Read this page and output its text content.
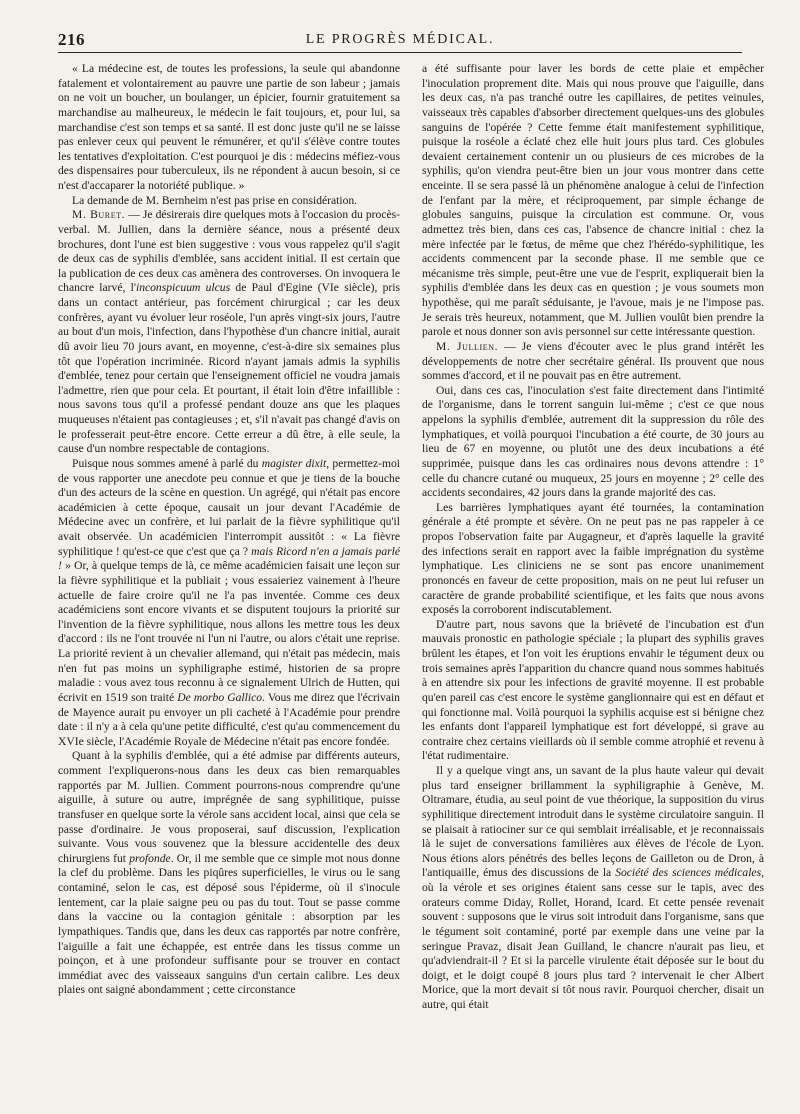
216	LE PROGRÈS MÉDICAL.

« La médecine est, de toutes les professions, la seule qui abandonne fatalement et volontairement au pauvre une partie de son labeur ; jamais on ne voit un boucher, un boulanger, un épicier, fournir gratuitement sa marchandise au malheureux, le médecin le fait toujours, et, pour lui, sa marchandise c'est son temps et sa santé. Il est donc juste qu'il ne se laisse pas enlever ceux qui peuvent le rémunérer, et qu'il s'élève contre toutes les tentatives d'exploitation. C'est pourquoi je dis : médecins méfiez-vous des dispensaires pour tuberculeux, ils ne répondent à aucun besoin, si ce n'est d'accaparer la notoriété publique. »

La demande de M. Bernheim n'est pas prise en considération.

M. Buret. — Je désirerais dire quelques mots à l'occasion du procès-verbal. M. Jullien, dans la dernière séance, nous a présenté deux brochures, dont l'une est bien suggestive : vous vous rappelez qu'il s'agit de deux cas de syphilis d'emblée, sans accident initial. Il est certain que la publication de ces deux cas amènera des controverses. On invoquera le chancre larvé, l'inconspicuum ulcus de Paul d'Egine (VIe siècle), pris dans un contact antérieur, pas forcément chirurgical ; car les deux confrères, ayant vu évoluer leur roséole, l'un après vingt-six jours, l'autre au bout d'un mois, l'infection, dans l'hypothèse d'un chancre initial, aurait dû avoir lieu 70 jours avant, en moyenne, c'est-à-dire six semaines plus tôt que l'opération incriminée. Ricord n'ayant jamais admis la syphilis d'emblée, tenez pour certain que l'enseignement officiel ne voudra jamais l'admettre, rien que pour cela. Et pourtant, il était loin d'être infaillible : nous savons tous qu'il a professé pendant douze ans que les plaques muqueuses n'étaient pas contagieuses ; et, s'il n'avait pas changé d'avis on le professerait peut-être encore. Cette erreur a dû être, à elle seule, la cause d'un nombre respectable de contagions.

Puisque nous sommes amené à parlé du magister dixit, permettez-moi de vous rapporter une anecdote peu connue et que je tiens de la bouche d'un des acteurs de la scène en question. Un agrégé, qui n'était pas encore académicien à cette époque, causait un jour devant l'Académie de Médecine avec un confrère, et lui parlait de la fièvre syphilitique qu'il avait observée. Un académicien l'interrompit aussitôt : « La fièvre syphilitique ! qu'est-ce que c'est que ça ? mais Ricord n'en a jamais parlé ! » Or, à quelque temps de là, ce même académicien faisait une leçon sur la fièvre syphilitique et la publiait ; vous essaieriez vainement à l'heure actuelle de faire croire qu'il ne l'a pas inventée. Comme ces deux académiciens sont encore vivants et se disputent toujours la priorité sur l'invention de la fièvre syphilitique, nous allons les mettre tous les deux d'accord : ils ne l'ont trouvée ni l'un ni l'autre, ou alors c'était une reprise. La priorité revient à un chevalier allemand, qui n'était pas médecin, mais n'en fut pas moins un syphiligraphe estimé, historien de sa propre maladie : vous avez tous reconnu à ce signalement Ulrich de Hutten, qui écrivit en 1519 son traité De morbo Gallico. Vous me direz que l'écrivain de Mayence aurait pu envoyer un pli cacheté à l'Académie pour prendre date : il n'y a à cela qu'une petite difficulté, c'est qu'au commencement du XVIe siècle, l'Académie Royale de Médecine n'était pas encore fondée.

Quant à la syphilis d'emblée, qui a été admise par différents auteurs, comment l'expliquerons-nous dans les deux cas bien remarquables rapportés par M. Jullien. Comment pourrons-nous comprendre qu'une aiguille, à suture ou autre, imprégnée de sang syphilitique, puisse transfuser en quelque sorte la vérole sans accident local, ainsi que cela se passe d'ordinaire. Je vous proposerai, sauf discussion, l'explication suivante. Vous vous souvenez que la blessure accidentelle des deux chirurgiens fut profonde. Or, il me semble que ce simple mot nous donne la clef du problème. Dans les piqûres superficielles, le virus ou le sang contaminé, selon le cas, est déposé sous l'épiderme, où il s'inocule lentement, car la plaie saigne peu ou pas du tout. Tout se passe comme dans la vaccine ou la contagion génitale : absorption par les lympathiques. Tandis que, dans les deux cas rapportés par notre confrère, l'aiguille a fait une échappée, est entrée dans les tissus comme un poinçon, et à une profondeur suffisante pour se trouver en contact immédiat avec des vaisseaux sanguins d'un certain calibre. Les deux plaies ont saigné abondamment ; cette circonstance

a été suffisante pour laver les bords de cette plaie et empêcher l'inoculation proprement dite. Mais qui nous prouve que l'aiguille, dans les deux cas, n'a pas tranché outre les capillaires, de petites veinules, vaisseaux très capables d'absorber directement quelques-uns des globules sanguins de l'opérée ? Cette femme était manifestement syphilitique, puisque la roséole a éclaté chez elle huit jours plus tard. Ces globules devaient certainement contenir un ou plusieurs de ces microbes de la syphilis, qu'on viendra peut-être bien un jour vous montrer dans cette enceinte. Il se sera passé là un phénomène analogue à celui de l'infection de l'enfant par la mère, et réciproquement, par simple échange de globules sanguins, puisque la circulation est commune. Or, vous admettez très bien, dans ces cas, l'absence de chancre initial : chez la mère infectée par le fœtus, de même que chez l'hérédo-syphilitique, les accidents commencent par la seconde phase. Il me semble que ce mécanisme très simple, peut-être une vue de l'esprit, expliquerait bien la syphilis d'emblée dans les deux cas en question ; je vous soumets mon hypothèse, qui me paraît séduisante, je l'avoue, mais je ne l'impose pas. Je serais très heureux, notamment, que M. Jullien voulût bien prendre la parole et nous donner son avis personnel sur cette intéressante question.

M. Jullien. — Je viens d'écouter avec le plus grand intérêt les développements de notre cher secrétaire général. Ils prouvent que nous sommes d'accord, et il ne pouvait pas en être autrement.

Oui, dans ces cas, l'inoculation s'est faite directement dans l'intimité de l'organisme, dans le torrent sanguin lui-même ; c'est ce que nous appelons la syphilis d'emblée, autrement dit la suppression du rôle des lymphatiques, et voilà pourquoi l'incubation a été courte, de 30 jours au lieu de 67 en moyenne, ou plutôt une des deux incubations a été supprimée, puisque dans les cas ordinaires nous devons attendre : 1° celle du chancre cutané ou muqueux, 25 jours en moyenne ; 2° celle des accidents secondaires, 42 jours dans la grande majorité des cas.

Les barrières lymphatiques ayant été tournées, la contamination générale a été prompte et sévère. On ne peut pas ne pas rappeler à ce propos l'observation faite par Augagneur, et d'après laquelle la gravité des infections serait en rapport avec la faible imprégnation du système lymphatique. Les cliniciens ne se sont pas encore unanimement prononcés en faveur de cette proposition, mais on ne peut lui refuser un caractère de grande probabilité scientifique, et les faits que nous avons exposés la corroborent indiscutablement.

D'autre part, nous savons que la brièveté de l'incubation est d'un mauvais pronostic en pathologie spéciale ; la plupart des syphilis graves brûlent les étapes, et l'on voit les éruptions envahir le tégument deux ou trois semaines après l'apparition du chancre quand nous sommes habitués à en attendre six pour les infections de gravité moyenne. Il est probable qu'en pareil cas c'est encore le système ganglionnaire qui est en défaut et qui fonctionne mal. Voilà pourquoi la syphilis acquise est si bénigne chez les enfants dont l'appareil lymphatique est fort développé, si grave au contraire chez certains vieillards où il semble comme atrophié et revenu à l'état rudimentaire.

Il y a quelque vingt ans, un savant de la plus haute valeur qui devait plus tard enseigner brillamment la syphiligraphie à Genève, M. Oltramare, étudia, au seul point de vue théorique, la supposition du virus syphilitique directement introduit dans le système circulatoire sanguin. Il se plaisait à ratiociner sur ce qui semblait irréalisable, et je reconnaissais là le sujet de conversations familières aux élèves de l'école de Lyon. Nous étions alors pénétrés des belles leçons de Gailleton ou de Dron, à l'antiquaille, émus des discussions de la Société des sciences médicales, où la vérole et ses origines étaient sans cesse sur le tapis, avec des orateurs comme Diday, Rollet, Horand, Icard. Et cette pensée revenait souvent : supposons que le virus soit introduit dans l'organisme, sans que le tégument soit contaminé, porté par exemple dans une veine par la seringue Pravaz, disait Jean Guilland, le chancre n'aurait pas lieu, et qu'adviendrait-il ? Et si la parcelle virulente était déposée sur le bout du doigt, et le doigt coupé 8 jours plus tard ? intervenait le cher Albert Morice, que la mort devait si tôt nous ravir. Pourquoi chercher, disait un autre, qui était
